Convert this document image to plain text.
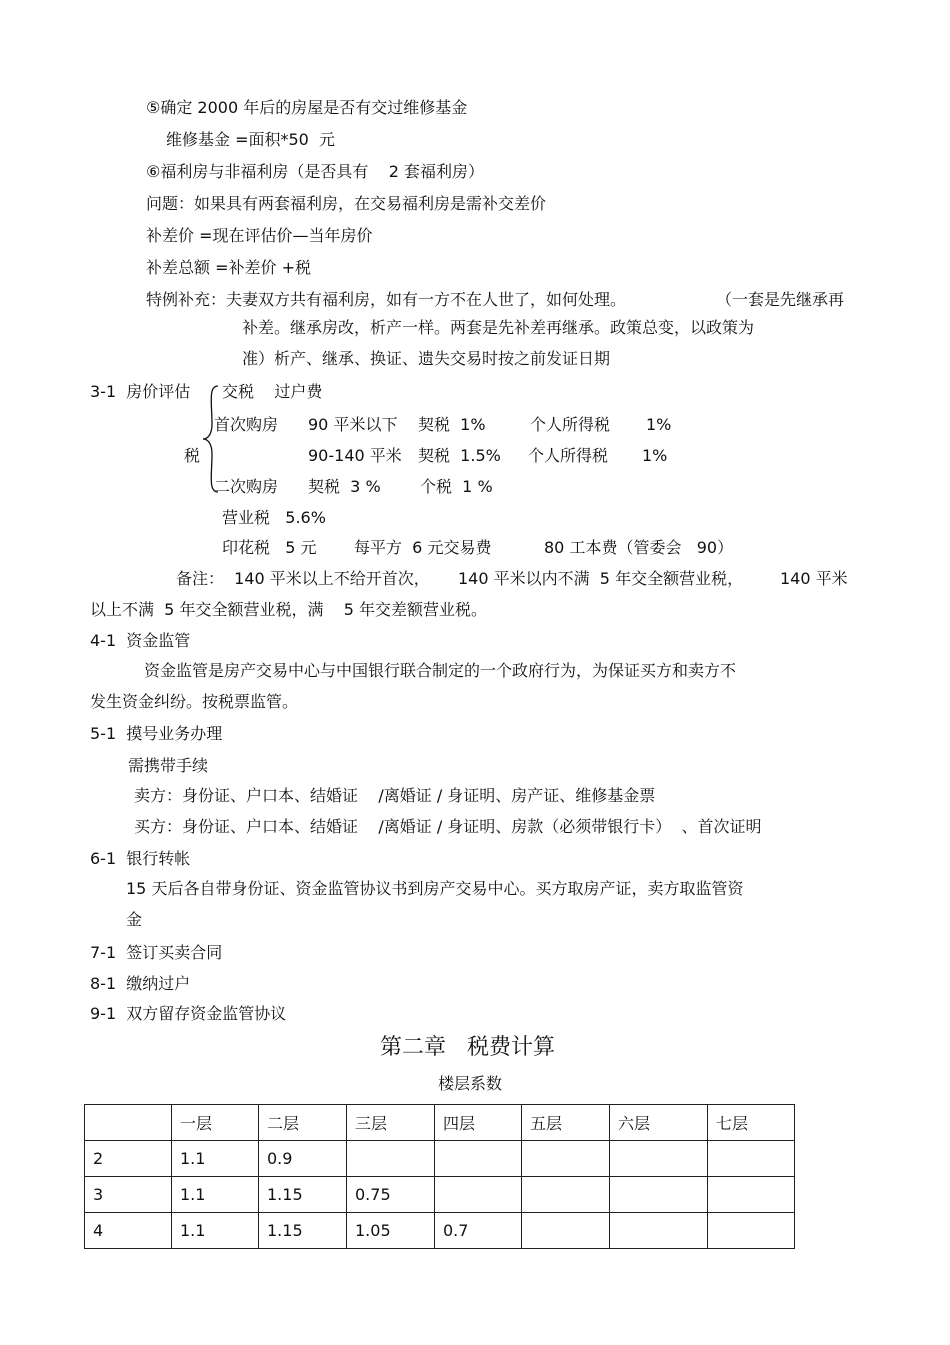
⑤确定 2000 年后的房屋是否有交过维修基金
维修基金 =面积*50  元
⑥福利房与非福利房（是否具有    2 套福利房）
问题：如果具有两套福利房，在交易福利房是需补交差价
补差价 =现在评估价—当年房价
补差总额 =补差价 +税
特例补充：夫妻双方共有福利房，如有一方不在人世了，如何处理。	（一套是先继承再
补差。继承房改，析产一样。两套是先补差再继承。政策总变，以政策为
准）析产、继承、换证、遗失交易时按之前发证日期
3-1  房价评估 交税    过户费
首次购房 90 平米以下 契税  1%	个人所得税 1%
税	90-140 平米 契税  1.5% 个人所得税 1%
二次购房 契税  3 % 个税  1 %
营业税   5.6%
印花税   5 元 每平方  6 元交易费	80 工本费（管委会   90）
备注：  140 平米以上不给开首次， 140 平米以内不满  5 年交全额营业税， 140 平米
以上不满  5 年交全额营业税，满    5 年交差额营业税。
4-1  资金监管
资金监管是房产交易中心与中国银行联合制定的一个政府行为，为保证买方和卖方不
发生资金纠纷。按税票监管。
5-1  摸号业务办理
需携带手续
卖方：身份证、户口本、结婚证    /离婚证 / 身证明、房产证、维修基金票
买方：身份证、户口本、结婚证    /离婚证 / 身证明、房款（必须带银行卡）  、首次证明
6-1  银行转帐
15 天后各自带身份证、资金监管协议书到房产交易中心。买方取房产证，卖方取监管资
金
7-1  签订买卖合同
8-1  缴纳过户
9-1  双方留存资金监管协议
第二章   税费计算
楼层系数
	一层	二层	三层	四层	五层	六层	七层
2	1.1	0.9					
3	1.1	1.15	0.75				
4	1.1	1.15	1.05	0.7			
